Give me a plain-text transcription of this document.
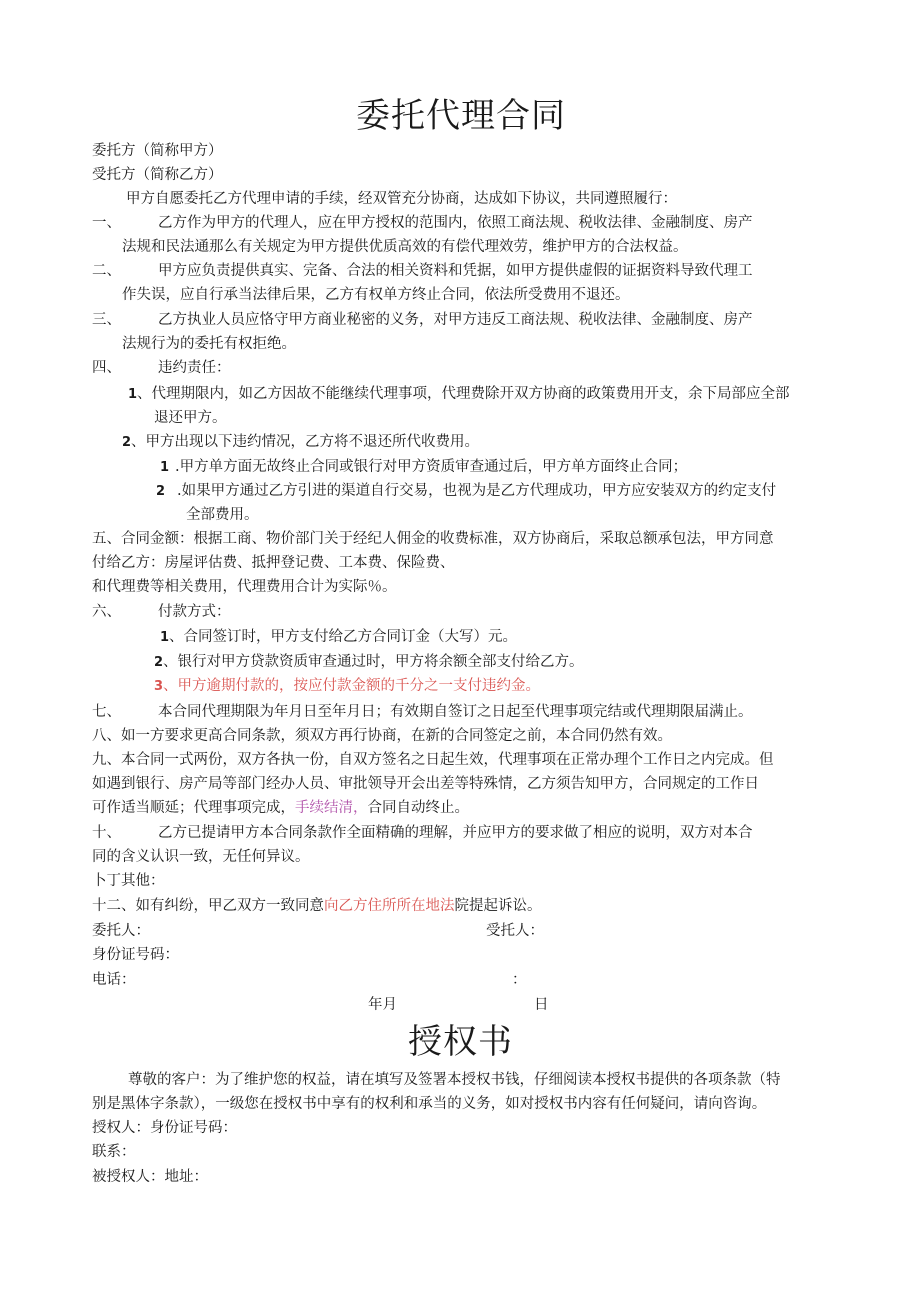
委托代理合同
委托方（简称甲方）
受托方（简称乙方）
甲方自愿委托乙方代理申请的手续，经双管充分协商，达成如下协议，共同遵照履行：
一、	乙方作为甲方的代理人，应在甲方授权的范围内，依照工商法规、税收法律、金融制度、房产
法规和民法通那么有关规定为甲方提供优质高效的有偿代理效劳，维护甲方的合法权益。
二、	甲方应负责提供真实、完备、合法的相关资料和凭据，如甲方提供虚假的证据资料导致代理工
作失误，应自行承当法律后果，乙方有权单方终止合同，依法所受费用不退还。
三、	乙方执业人员应恪守甲方商业秘密的义务，对甲方违反工商法规、税收法律、金融制度、房产
法规行为的委托有权拒绝。
四、	违约责任：
1、代理期限内，如乙方因故不能继续代理事项，代理费除开双方协商的政策费用开支，余下局部应全部
退还甲方。
2、甲方出现以下违约情况，乙方将不退还所代收费用。
1 .甲方单方面无故终止合同或银行对甲方资质审查通过后，甲方单方面终止合同；
2 .如果甲方通过乙方引进的渠道自行交易，也视为是乙方代理成功，甲方应安装双方的约定支付
全部费用。
五、合同金额：根据工商、物价部门关于经纪人佣金的收费标准，双方协商后，采取总额承包法，甲方同意
付给乙方：房屋评估费、抵押登记费、工本费、保险费、
和代理费等相关费用，代理费用合计为实际％。
六、	付款方式：
1、合同签订时，甲方支付给乙方合同订金（大写）元。
2、银行对甲方贷款资质审查通过时，甲方将余额全部支付给乙方。
3、甲方逾期付款的，按应付款金额的千分之一支付违约金。
七、	本合同代理期限为年月日至年月日；有效期自签订之日起至代理事项完结或代理期限届满止。
八、如一方要求更高合同条款，须双方再行协商，在新的合同签定之前，本合同仍然有效。
九、本合同一式两份，双方各执一份，自双方签名之日起生效，代理事项在正常办理个工作日之内完成。但
如遇到银行、房产局等部门经办人员、审批领导开会出差等特殊情，乙方须告知甲方，合同规定的工作日
可作适当顺延；代理事项完成，手续结清，合同自动终止。
十、	乙方已提请甲方本合同条款作全面精确的理解，并应甲方的要求做了相应的说明，双方对本合
同的含义认识一致，无任何异议。
卜丁其他：
十二、如有纠纷，甲乙双方一致同意向乙方住所所在地法院提起诉讼。
委托人：	受托人：
身份证号码：
电话：	：
年月	日
授权书
尊敬的客户：为了维护您的权益，请在填写及签署本授权书钱，仔细阅读本授权书提供的各项条款（特
别是黑体字条款），一级您在授权书中享有的权利和承当的义务，如对授权书内容有任何疑问，请向咨询。
授权人：身份证号码：
联系：
被授权人：地址：
